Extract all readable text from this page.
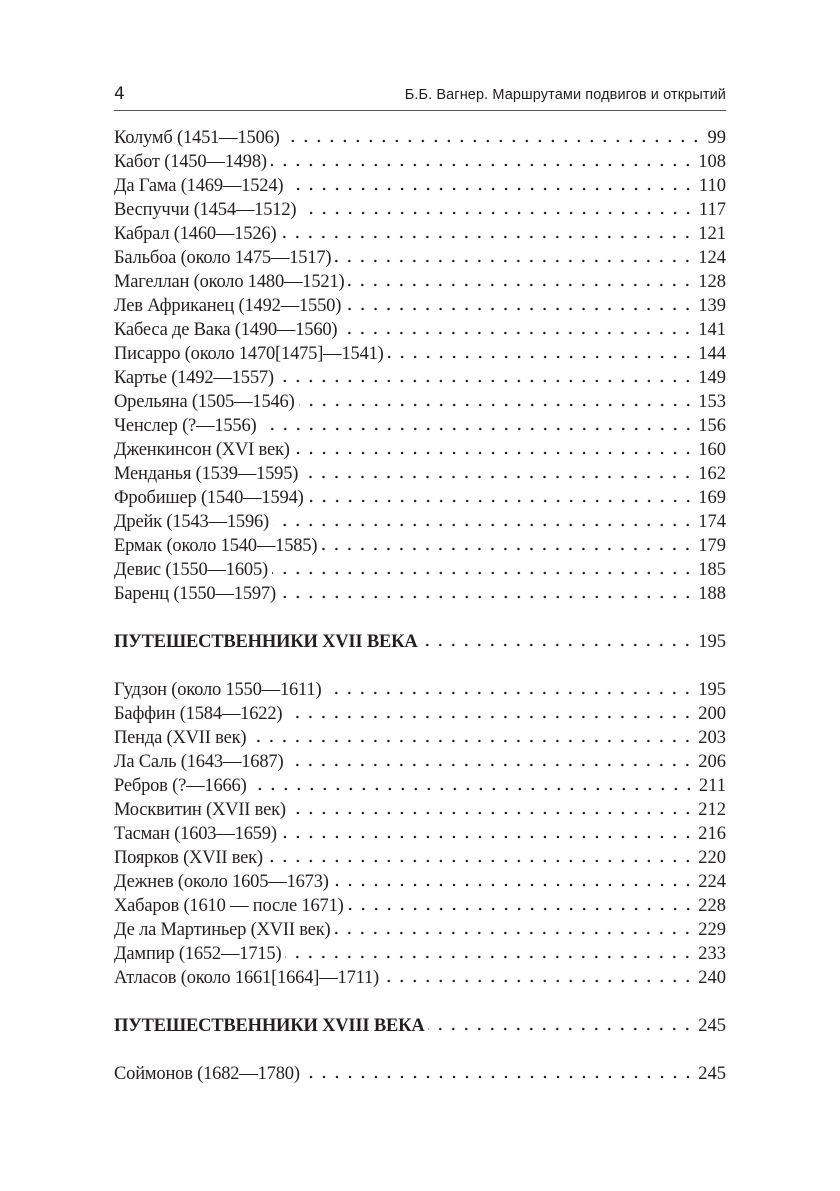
4	Б.Б. Вагнер. Маршрутами подвигов и открытий
Колумб (1451—1506)	99
Кабот (1450—1498)	108
Да Гама (1469—1524)	110
Веспуччи (1454—1512)	117
Кабрал (1460—1526)	121
Бальбоа (около 1475—1517)	124
Магеллан (около 1480—1521)	128
Лев Африканец (1492—1550)	139
Кабеса де Вака (1490—1560)	141
Писарро (около 1470[1475]—1541)	144
Картье (1492—1557)	149
Орельяна (1505—1546)	153
Ченслер (?—1556)	156
Дженкинсон (XVI век)	160
Менданья (1539—1595)	162
Фробишер (1540—1594)	169
Дрейк (1543—1596)	174
Ермак (около 1540—1585)	179
Девис (1550—1605)	185
Баренц (1550—1597)	188
ПУТЕШЕСТВЕННИКИ XVII ВЕКА	195
Гудзон (около 1550—1611)	195
Баффин (1584—1622)	200
Пенда (XVII век)	203
Ла Саль (1643—1687)	206
Ребров (?—1666)	211
Москвитин (XVII век)	212
Тасман (1603—1659)	216
Поярков (XVII век)	220
Дежнев (около 1605—1673)	224
Хабаров (1610 — после 1671)	228
Де ла Мартиньер (XVII век)	229
Дампир (1652—1715)	233
Атласов (около 1661[1664]—1711)	240
ПУТЕШЕСТВЕННИКИ XVIII ВЕКА	245
Соймонов (1682—1780)	245
